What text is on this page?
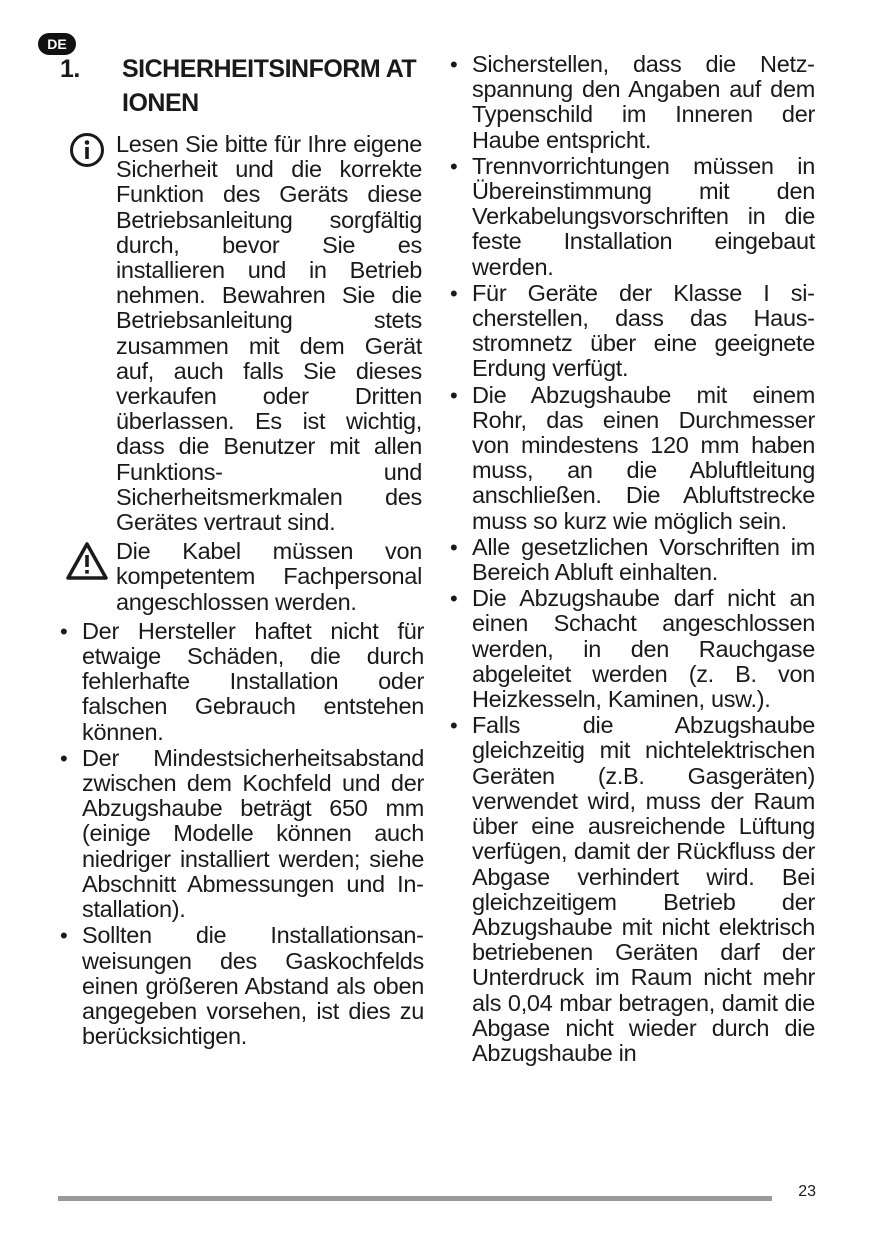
DE
1.	SICHERHEITSINFORM ATIONEN

Lesen Sie bitte für Ihre eigene Sicherheit und die korrekte Funktion des Geräts diese Betriebsanleitung sorgfältig durch, bevor Sie es installieren und in Betrieb nehmen. Bewahren Sie die Betriebsanleitung stets zusammen mit dem Gerät auf, auch falls Sie dieses verkaufen oder Dritten überlassen. Es ist wichtig, dass die Benutzer mit allen Funktions- und Sicherheitsmerkmalen des Gerätes vertraut sind.

Die Kabel müssen von kompetentem Fachpersonal angeschlossen werden.

• Der Hersteller haftet nicht für etwaige Schäden, die durch fehlerhafte Installation oder falschen Gebrauch entstehen können.

• Der Mindestsicherheitsabstand zwischen dem Kochfeld und der Abzugshaube beträgt 650 mm (einige Modelle können auch niedriger installiert werden; siehe Abschnitt Abmessungen und Installation).

• Sollten die Installationsanweisungen des Gaskochfelds einen größeren Abstand als oben angegeben vorsehen, ist dies zu berücksichtigen.

• Sicherstellen, dass die Netzspannung den Angaben auf dem Typenschild im Inneren der Haube entspricht.

• Trennvorrichtungen müssen in Übereinstimmung mit den Verkabelungsvorschriften in die feste Installation eingebaut werden.

• Für Geräte der Klasse I sicherstellen, dass das Hausstromnetz über eine geeignete Erdung verfügt.

• Die Abzugshaube mit einem Rohr, das einen Durchmesser von mindestens 120 mm haben muss, an die Abluftleitung anschließen. Die Abluftstrecke muss so kurz wie möglich sein.

• Alle gesetzlichen Vorschriften im Bereich Abluft einhalten.

• Die Abzugshaube darf nicht an einen Schacht angeschlossen werden, in den Rauchgase abgeleitet werden (z. B. von Heizkesseln, Kaminen, usw.).

• Falls die Abzugshaube gleichzeitig mit nichtelektrischen Geräten (z.B. Gasgeräten) verwendet wird, muss der Raum über eine ausreichende Lüftung verfügen, damit der Rückfluss der Abgase verhindert wird. Bei gleichzeitigem Betrieb der Abzugshaube mit nicht elektrisch betriebenen Geräten darf der Unterdruck im Raum nicht mehr als 0,04 mbar betragen, damit die Abgase nicht wieder durch die Abzugshaube in

23
